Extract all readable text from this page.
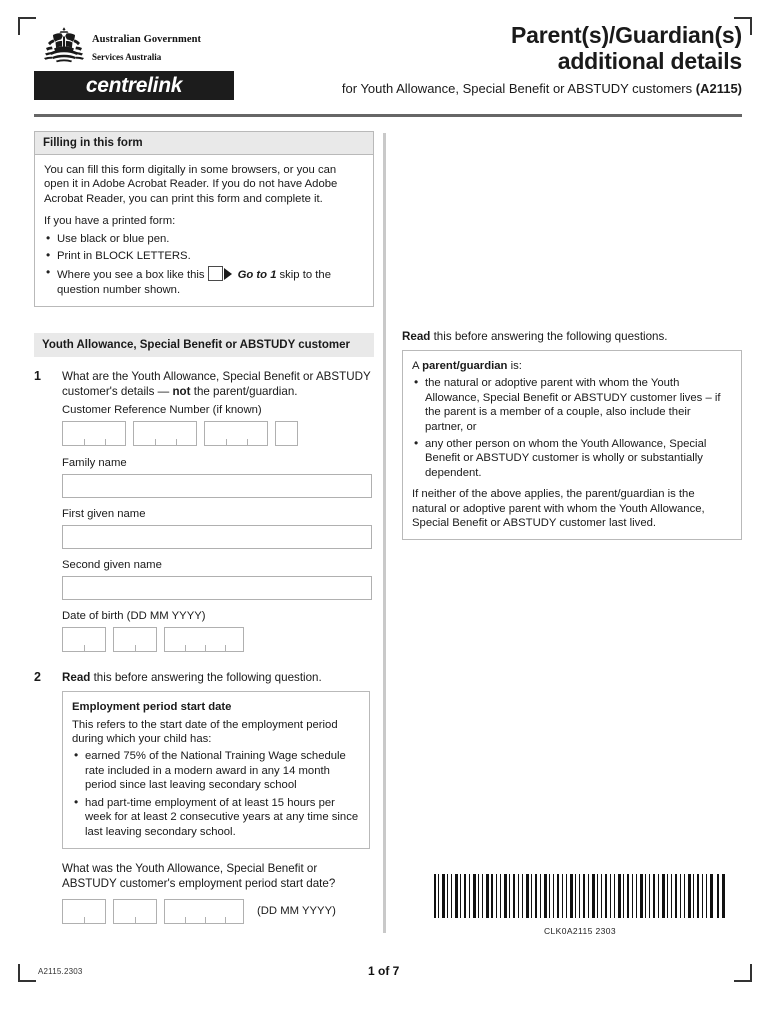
Australian Government Services Australia
centrelink
Parent(s)/Guardian(s)
additional details
for Youth Allowance, Special Benefit or ABSTUDY customers (A2115)
Filling in this form

You can fill this form digitally in some browsers, or you can open it in Adobe Acrobat Reader. If you do not have Adobe Acrobat Reader, you can print this form and complete it.

If you have a printed form:

• Use black or blue pen.
• Print in BLOCK LETTERS.
• Where you see a box like this	Go to 1 skip to the question number shown.
Youth Allowance, Special Benefit or ABSTUDY customer
1	What are the Youth Allowance, Special Benefit or ABSTUDY customer's details — not the parent/guardian.
Customer Reference Number (if known)
Family name
First given name
Second given name
Date of birth (DD MM YYYY)
2	Read this before answering the following question.

Employment period start date

This refers to the start date of the employment period during which your child has:

• earned 75% of the National Training Wage schedule rate included in a modern award in any 14 month period since last leaving secondary school
• had part-time employment of at least 15 hours per week for at least 2 consecutive years at any time since last leaving secondary school.
What was the Youth Allowance, Special Benefit or ABSTUDY customer's employment period start date?
(DD MM YYYY)
Read this before answering the following questions.

A parent/guardian is:

• the natural or adoptive parent with whom the Youth Allowance, Special Benefit or ABSTUDY customer lives – if the parent is a member of a couple, also include their partner, or
• any other person on whom the Youth Allowance, Special Benefit or ABSTUDY customer is wholly or substantially dependent.

If neither of the above applies, the parent/guardian is the natural or adoptive parent with whom the Youth Allowance, Special Benefit or ABSTUDY customer last lived.

CLK0A2115 2303
A2115.2303	1 of 7
